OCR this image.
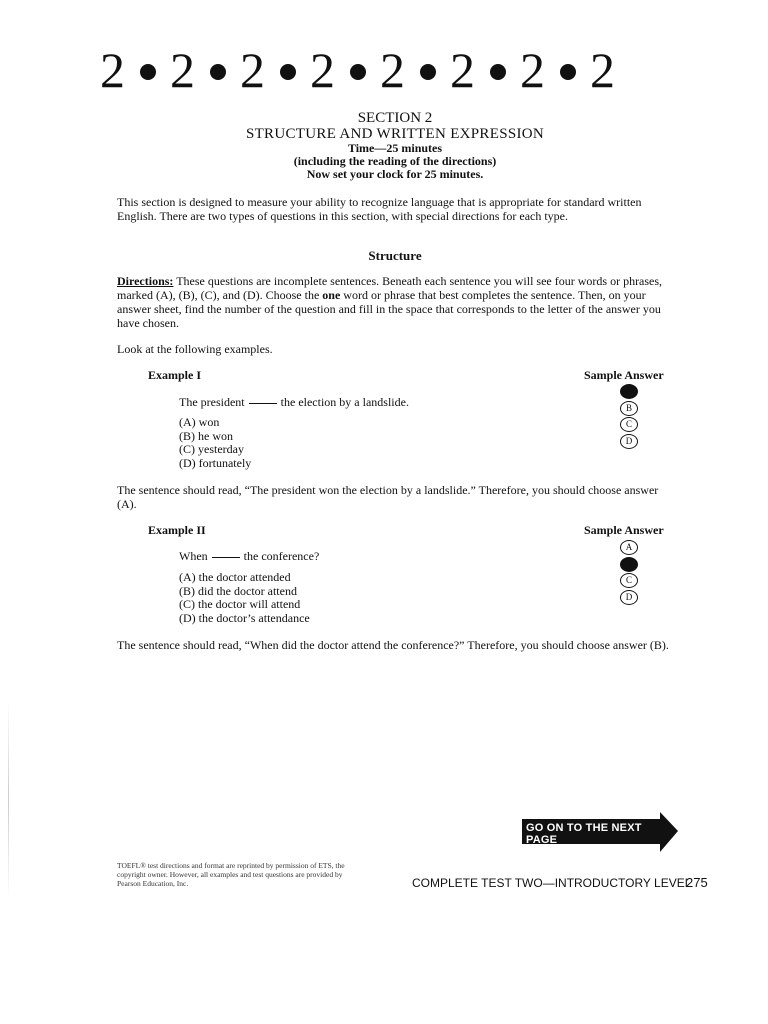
2 2 2 2 2 2 2 2
SECTION 2
STRUCTURE AND WRITTEN EXPRESSION
Time—25 minutes
(including the reading of the directions)
Now set your clock for 25 minutes.
This section is designed to measure your ability to recognize language that is appropriate for standard written English. There are two types of questions in this section, with special directions for each type.
Structure
Directions: These questions are incomplete sentences. Beneath each sentence you will see four words or phrases, marked (A), (B), (C), and (D). Choose the one word or phrase that best completes the sentence. Then, on your answer sheet, find the number of the question and fill in the space that corresponds to the letter of the answer you have chosen.
Look at the following examples.
Example I	Sample Answer
The president	the election by a landslide.
(A) won
(B) he won
(C) yesterday
(D) fortunately
A
B
C
D
The sentence should read, “The president won the election by a landslide.” Therefore, you should choose answer (A).
Example II	Sample Answer
When	the conference?
(A) the doctor attended
(B) did the doctor attend
(C) the doctor will attend
(D) the doctor’s attendance
A
B
C
D
The sentence should read, “When did the doctor attend the conference?” Therefore, you should choose answer (B).
GO ON TO THE NEXT PAGE
TOEFL® test directions and format are reprinted by permission of ETS, the copyright owner. However, all examples and test questions are provided by Pearson Education, Inc.	COMPLETE TEST TWO—INTRODUCTORY LEVEL
275
